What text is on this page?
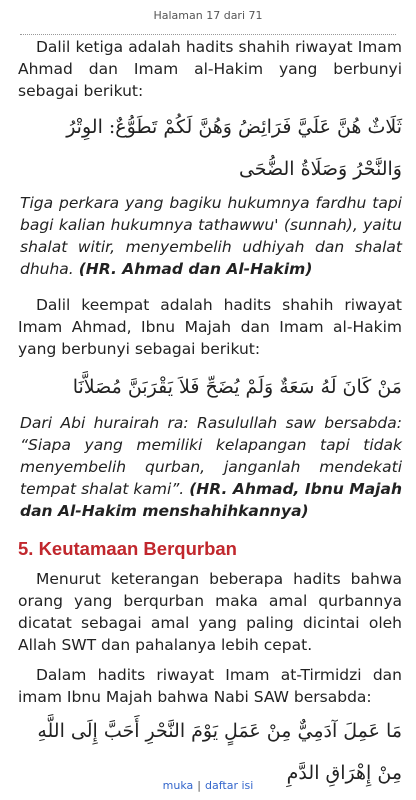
Halaman 17 dari 71

Dalil ketiga adalah hadits shahih riwayat Imam Ahmad dan Imam al-Hakim yang berbunyi sebagai berikut:

ثَلَاثٌ هُنَّ عَلَيَّ فَرَائِضُ وَهُنَّ لَكُمْ تَطَوُّعٌ: الوِتْرُ وَالنَّحْرُ وَصَلَاةُ الضُّحَى

Tiga perkara yang bagiku hukumnya fardhu tapi bagi kalian hukumnya tathawwu' (sunnah), yaitu shalat witir, menyembelih udhiyah dan shalat dhuha. (HR. Ahmad dan Al-Hakim)

Dalil keempat adalah hadits shahih riwayat Imam Ahmad, Ibnu Majah dan Imam al-Hakim yang berbunyi sebagai berikut:

مَنْ كَانَ لَهُ سَعَةٌ وَلَمْ يُضَحِّ فَلاَ يَقْرَبَنَّ مُصَلاَّنَا

Dari Abi hurairah ra: Rasulullah saw bersabda: “Siapa yang memiliki kelapangan tapi tidak menyembelih qurban, janganlah mendekati tempat shalat kami”. (HR. Ahmad, Ibnu Majah dan Al-Hakim menshahihkannya)

5. Keutamaan Berqurban

Menurut keterangan beberapa hadits bahwa orang yang berqurban maka amal qurbannya dicatat sebagai amal yang paling dicintai oleh Allah SWT dan pahalanya lebih cepat.

Dalam hadits riwayat Imam at-Tirmidzi dan imam Ibnu Majah bahwa Nabi SAW bersabda:

مَا عَمِلَ آدَمِيٌّ مِنْ عَمَلٍ يَوْمَ النَّحْرِ أَحَبَّ إِلَى اللَّهِ مِنْ إِهْرَاقِ الدَّمِ
muka | daftar isi
